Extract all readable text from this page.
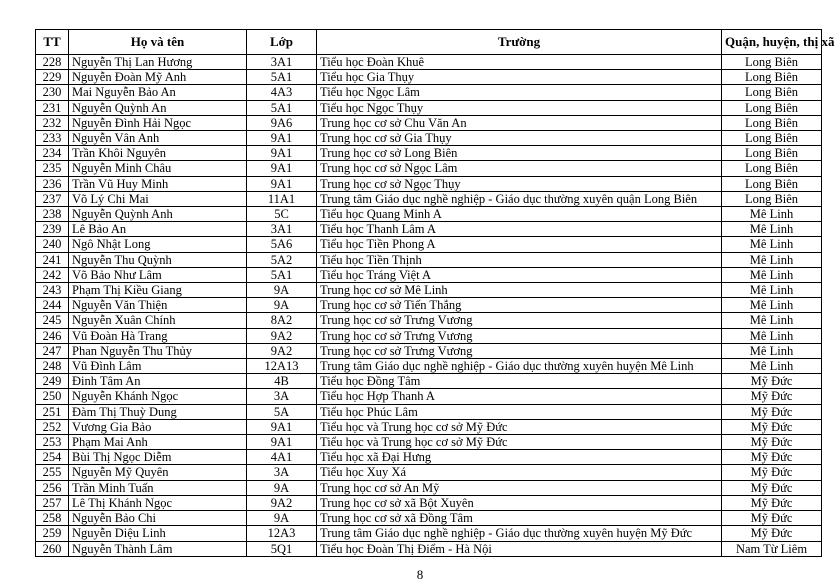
TT	Họ và tên	Lớp	Trường	Quận, huyện, thị xã
228	Nguyễn Thị Lan Hương	3A1	Tiểu học Đoàn Khuê	Long Biên
229	Nguyễn Đoàn Mỹ Anh	5A1	Tiểu học Gia Thụy	Long Biên
230	Mai Nguyễn Bảo An	4A3	Tiểu học Ngọc Lâm	Long Biên
231	Nguyễn Quỳnh An	5A1	Tiểu học Ngọc Thụy	Long Biên
232	Nguyễn Đình Hải Ngọc	9A6	Trung học cơ sở Chu Văn An	Long Biên
233	Nguyễn Vân Anh	9A1	Trung học cơ sở Gia Thụy	Long Biên
234	Trần Khôi Nguyên	9A1	Trung học cơ sở Long Biên	Long Biên
235	Nguyễn Minh Châu	9A1	Trung học cơ sở Ngọc Lâm	Long Biên
236	Trần Vũ Huy Minh	9A1	Trung học cơ sở Ngọc Thụy	Long Biên
237	Võ Lý Chi Mai	11A1	Trung tâm Giáo dục nghề nghiệp - Giáo dục thường xuyên quận Long Biên	Long Biên
238	Nguyễn Quỳnh Anh	5C	Tiểu học Quang Minh A	Mê Linh
239	Lê Bảo An	3A1	Tiểu học Thanh Lâm A	Mê Linh
240	Ngô Nhật Long	5A6	Tiểu học Tiền Phong A	Mê Linh
241	Nguyễn Thu Quỳnh	5A2	Tiểu học Tiền Thịnh	Mê Linh
242	Võ Bảo Như Lâm	5A1	Tiểu học Tráng Việt A	Mê Linh
243	Phạm Thị Kiều Giang	9A	Trung học cơ sở Mê Linh	Mê Linh
244	Nguyễn Văn Thiện	9A	Trung học cơ sở Tiến Thắng	Mê Linh
245	Nguyễn Xuân Chính	8A2	Trung học cơ sở Trưng Vương	Mê Linh
246	Vũ Đoàn Hà Trang	9A2	Trung học cơ sở Trưng Vương	Mê Linh
247	Phan Nguyễn Thu Thủy	9A2	Trung học cơ sở Trưng Vương	Mê Linh
248	Vũ Đình Lâm	12A13	Trung tâm Giáo dục nghề nghiệp - Giáo dục thường xuyên huyện Mê Linh	Mê Linh
249	Đinh Tâm An	4B	Tiểu học Đồng Tâm	Mỹ Đức
250	Nguyễn Khánh Ngọc	3A	Tiểu học Hợp Thanh A	Mỹ Đức
251	Đàm Thị Thuỳ Dung	5A	Tiểu học Phúc Lâm	Mỹ Đức
252	Vương Gia Bảo	9A1	Tiểu học và Trung học cơ sở Mỹ Đức	Mỹ Đức
253	Phạm Mai Anh	9A1	Tiểu học và Trung học cơ sở Mỹ Đức	Mỹ Đức
254	Bùi Thị Ngọc Diễm	4A1	Tiểu học xã Đại Hưng	Mỹ Đức
255	Nguyễn Mỹ Quyên	3A	Tiểu học Xuy Xá	Mỹ Đức
256	Trần Minh Tuấn	9A	Trung học cơ sở An Mỹ	Mỹ Đức
257	Lê Thị Khánh Ngọc	9A2	Trung học cơ sở xã Bột Xuyên	Mỹ Đức
258	Nguyễn Bảo Chi	9A	Trung học cơ sở xã Đồng Tâm	Mỹ Đức
259	Nguyễn Diệu Linh	12A3	Trung tâm Giáo dục nghề nghiệp - Giáo dục thường xuyên huyện Mỹ Đức	Mỹ Đức
260	Nguyễn Thành Lâm	5Q1	Tiểu học Đoàn Thị Điểm - Hà Nội	Nam Từ Liêm
8
